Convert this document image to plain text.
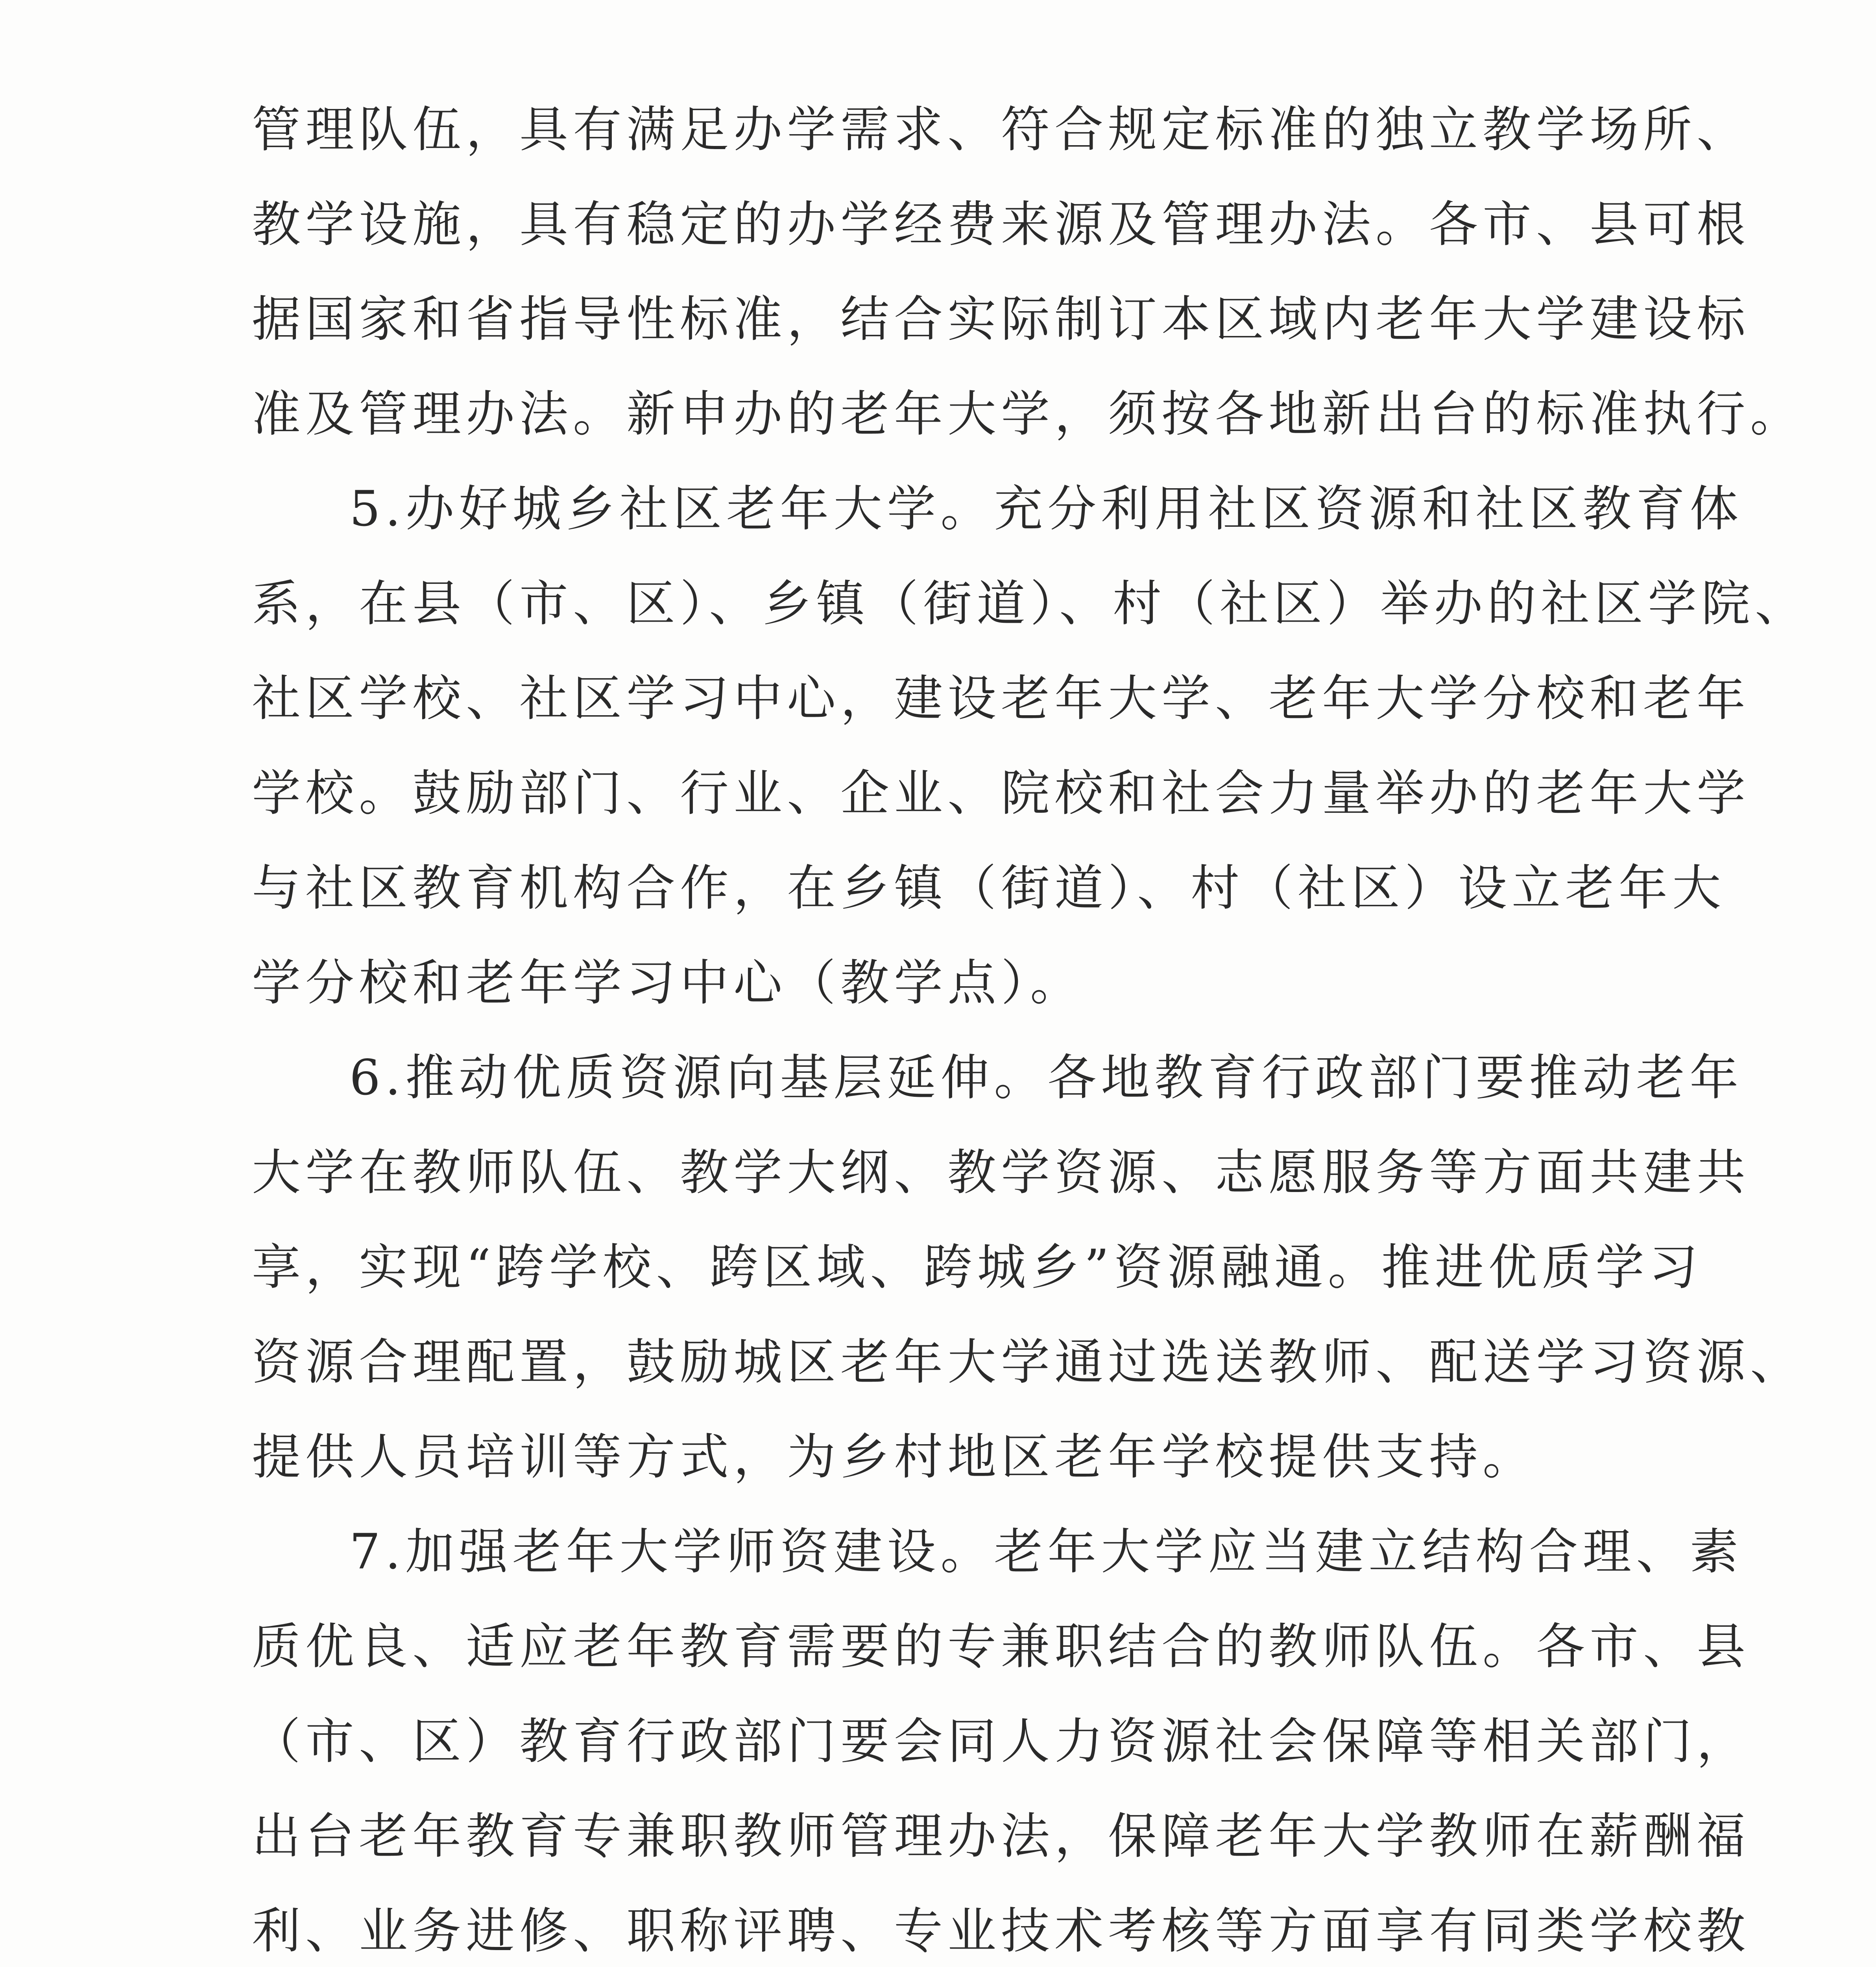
管理队伍，具有满足办学需求、符合规定标准的独立教学场所、
教学设施，具有稳定的办学经费来源及管理办法。各市、县可根
据国家和省指导性标准，结合实际制订本区域内老年大学建设标
准及管理办法。新申办的老年大学，须按各地新出台的标准执行。
5.办好城乡社区老年大学。充分利用社区资源和社区教育体
系，在县（市、区）、乡镇（街道）、村（社区）举办的社区学院、
社区学校、社区学习中心，建设老年大学、老年大学分校和老年
学校。鼓励部门、行业、企业、院校和社会力量举办的老年大学
与社区教育机构合作，在乡镇（街道）、村（社区）设立老年大
学分校和老年学习中心（教学点）。
6.推动优质资源向基层延伸。各地教育行政部门要推动老年
大学在教师队伍、教学大纲、教学资源、志愿服务等方面共建共
享，实现“跨学校、跨区域、跨城乡”资源融通。推进优质学习
资源合理配置，鼓励城区老年大学通过选送教师、配送学习资源、
提供人员培训等方式，为乡村地区老年学校提供支持。
7.加强老年大学师资建设。老年大学应当建立结构合理、素
质优良、适应老年教育需要的专兼职结合的教师队伍。各市、县
（市、区）教育行政部门要会同人力资源社会保障等相关部门，
出台老年教育专兼职教师管理办法，保障老年大学教师在薪酬福
利、业务进修、职称评聘、专业技术考核等方面享有同类学校教
